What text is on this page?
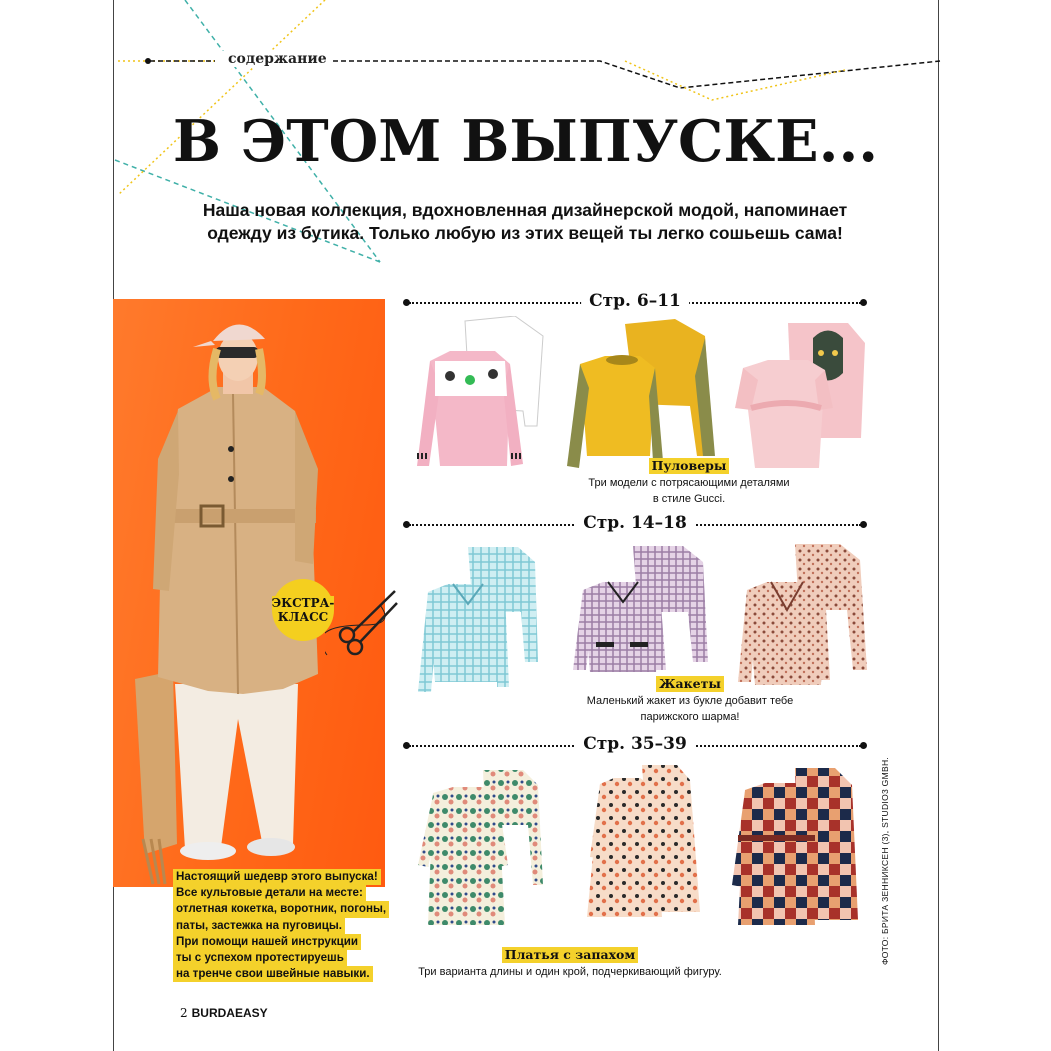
содержание
В ЭТОМ ВЫПУСКЕ...
Наша новая коллекция, вдохновленная дизайнерской модой, напоминает
одежду из бутика. Только любую из этих вещей ты легко сошьешь сама!
ЭКСТРА-
КЛАСС
Настоящий шедевр этого выпуска!
Все культовые детали на месте:
отлетная кокетка, воротник, погоны,
паты, застежка на пуговицы.
При помощи нашей инструкции
ты с успехом протестируешь
на тренче свои швейные навыки.
Стр. 6–11
Пуловеры
Три модели с потрясающими деталями
в стиле Gucci.
Стр. 14–18
Жакеты
Маленький жакет из букле добавит тебе
парижского шарма!
Стр. 35–39
Платья с запахом
Три варианта длины и один крой, подчеркивающий фигуру.
ФОТО: БРИТА ЗЕННИКСЕН (3), STUDIO3 GMBH.
2 BURDAEASY
